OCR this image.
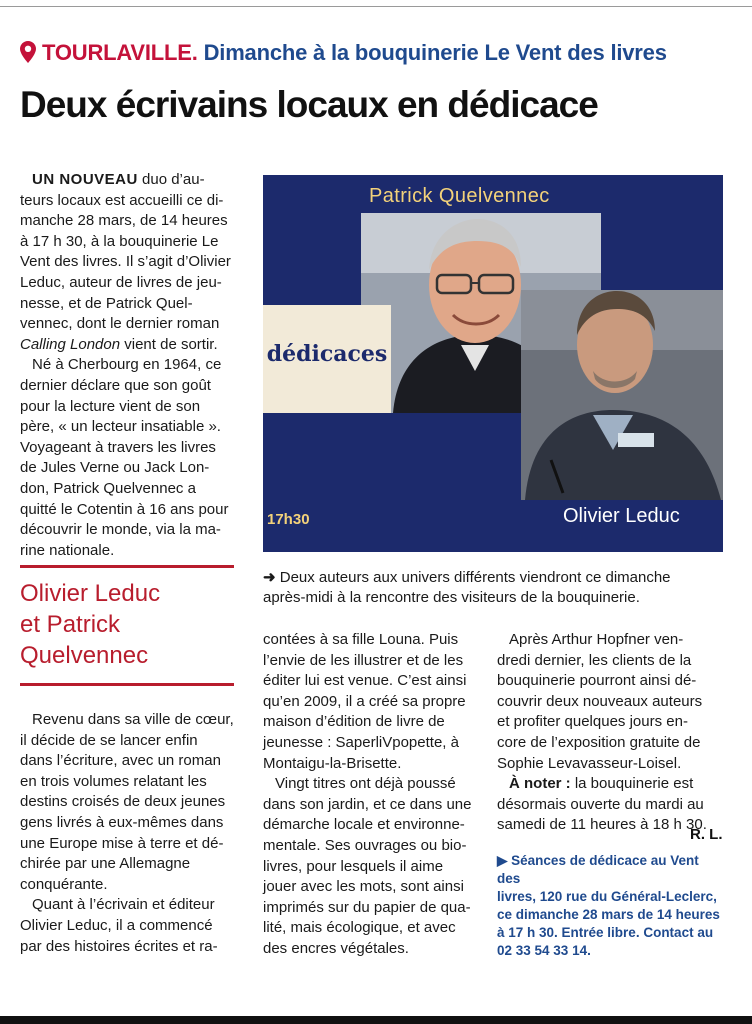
TOURLAVILLE. Dimanche à la bouquinerie Le Vent des livres
Deux écrivains locaux en dédicace
UN NOUVEAU duo d’au-
teurs locaux est accueilli ce di-
manche 28 mars, de 14 heures
à 17 h 30, à la bouquinerie Le
Vent des livres. Il s’agit d’Olivier
Leduc, auteur de livres de jeu-
nesse, et de Patrick Quel-
vennec, dont le dernier roman
Calling London vient de sortir.
Né à Cherbourg en 1964, ce
dernier déclare que son goût
pour la lecture vient de son
père, « un lecteur insatiable ».
Voyageant à travers les livres
de Jules Verne ou Jack Lon-
don, Patrick Quelvennec a
quitté le Cotentin à 16 ans pour
découvrir le monde, via la ma-
rine nationale.
Olivier Leduc
et Patrick
Quelvennec
Revenu dans sa ville de cœur,
il décide de se lancer enfin
dans l’écriture, avec un roman
en trois volumes relatant les
destins croisés de deux jeunes
gens livrés à eux-mêmes dans
une Europe mise à terre et dé-
chirée par une Allemagne
conquérante.
Quant à l’écrivain et éditeur
Olivier Leduc, il a commencé
par des histoires écrites et ra-
Patrick Quelvennec
dédicaces
17h30	Olivier Leduc
➜ Deux auteurs aux univers différents viendront ce dimanche
après-midi à la rencontre des visiteurs de la bouquinerie.
contées à sa fille Louna. Puis
l’envie de les illustrer et de les
éditer lui est venue. C’est ainsi
qu’en 2009, il a créé sa propre
maison d’édition de livre de
jeunesse : SaperliVpopette, à
Montaigu-la-Brisette.
Vingt titres ont déjà poussé
dans son jardin, et ce dans une
démarche locale et environne-
mentale. Ses ouvrages ou bio-
livres, pour lesquels il aime
jouer avec les mots, sont ainsi
imprimés sur du papier de qua-
lité, mais écologique, et avec
des encres végétales.
Après Arthur Hopfner ven-
dredi dernier, les clients de la
bouquinerie pourront ainsi dé-
couvrir deux nouveaux auteurs
et profiter quelques jours en-
core de l’exposition gratuite de
Sophie Levavasseur-Loisel.
À noter : la bouquinerie est
désormais ouverte du mardi au
samedi de 11 heures à 18 h 30.
R. L.
▶ Séances de dédicace au Vent des
livres, 120 rue du Général-Leclerc,
ce dimanche 28 mars de 14 heures
à 17 h 30. Entrée libre. Contact au
02 33 54 33 14.
